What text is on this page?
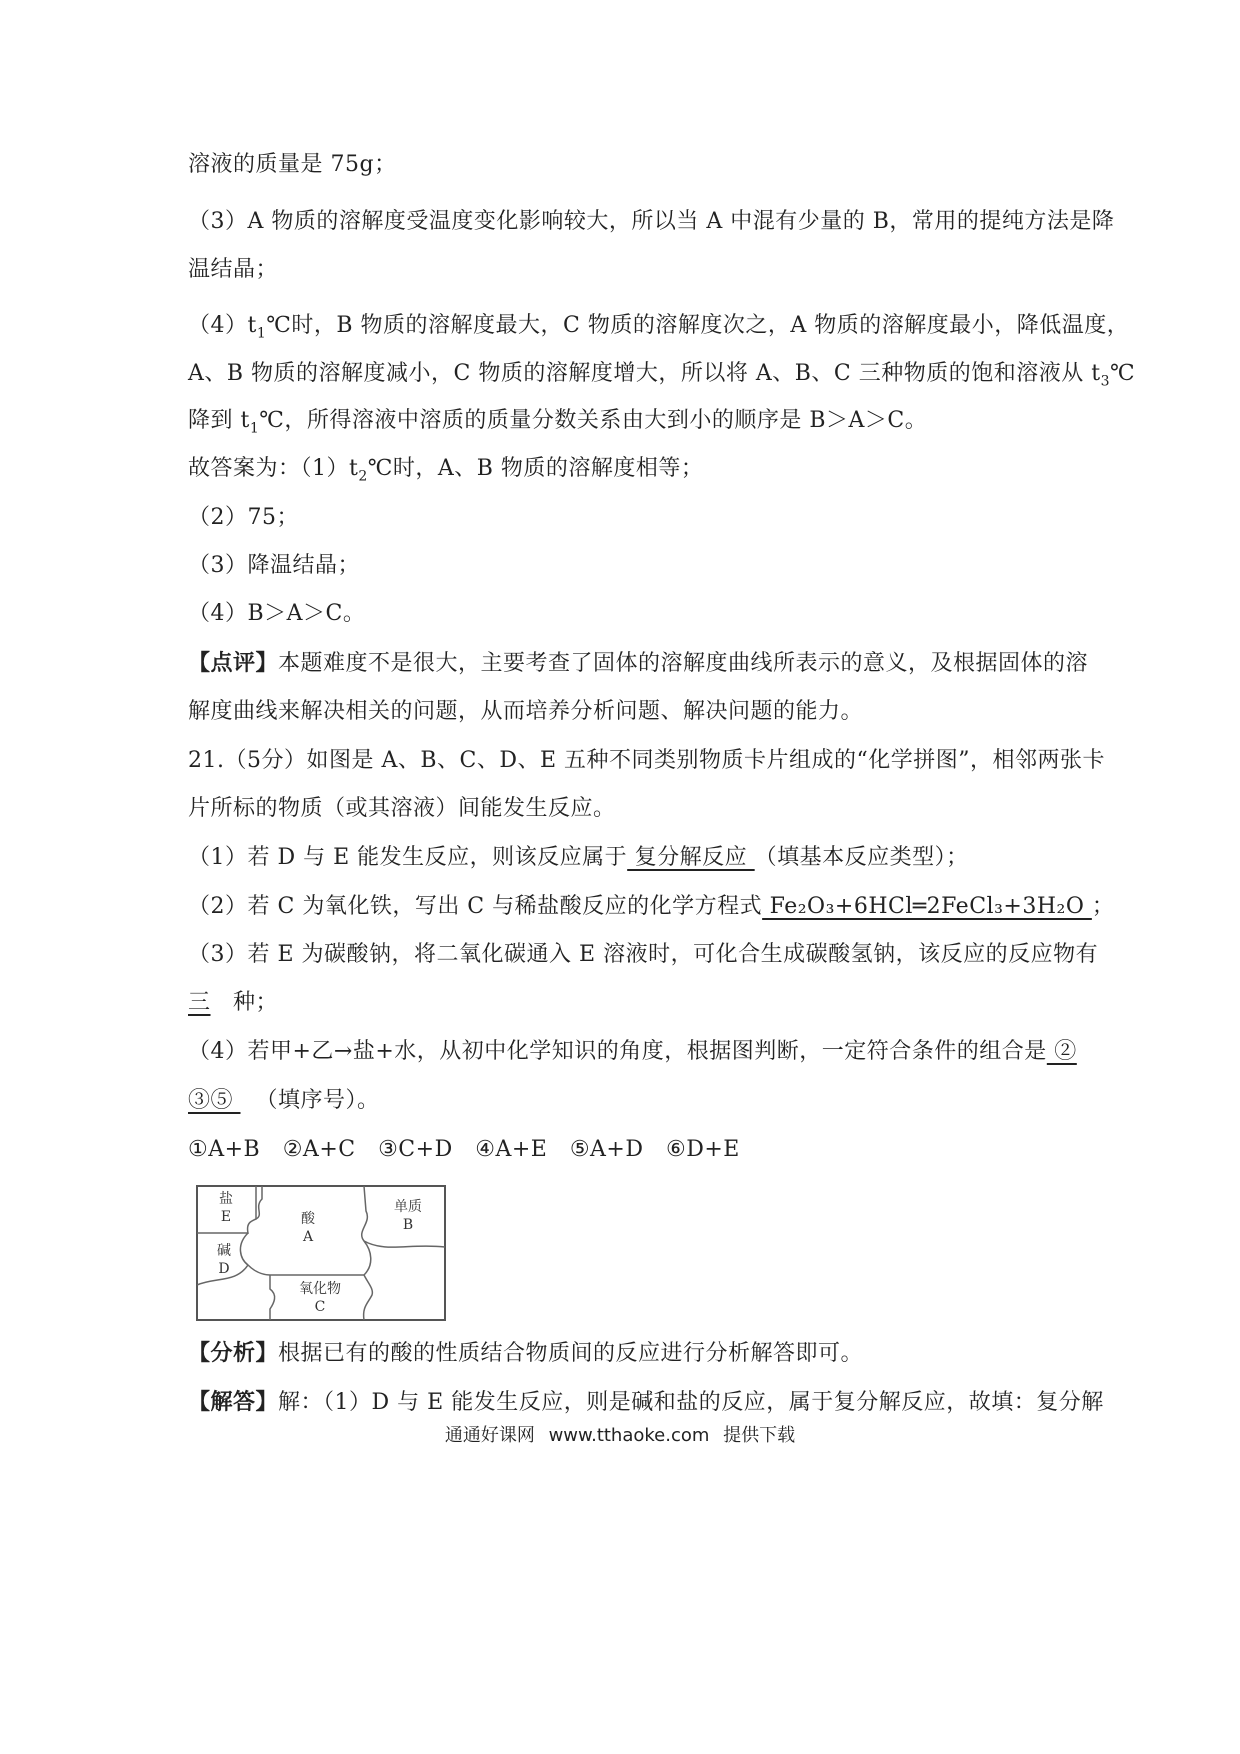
溶液的质量是 75g；
（3）A 物质的溶解度受温度变化影响较大，所以当 A 中混有少量的 B，常用的提纯方法是降
温结晶；
$(4)t_1℃$时，B 物质的溶解度最大，C 物质的溶解度次之，A 物质的溶解度最小，降低温度，
A、B 物质的溶解度减小，C 物质的溶解度增大，所以将 A、B、C 三种物质的饱和溶液从 $t_3℃$
降到 $t_1℃$，所得溶液中溶质的质量分数关系由大到小的顺序是 B＞A＞C。
故答案为：$(1)t_2℃$时，A、B 物质的溶解度相等；
（2）75；
（3）降温结晶；
（4）B＞A＞C。
【点评】本题难度不是很大，主要考查了固体的溶解度曲线所表示的意义，及根据固体的溶
解度曲线来解决相关的问题，从而培养分析问题、解决问题的能力。
21.（5分）如图是 A、B、C、D、E 五种不同类别物质卡片组成的“化学拼图”，相邻两张卡
片所标的物质（或其溶液）间能发生反应。
（1）若 D 与 E 能发生反应，则该反应属于 复分解反应 （填基本反应类型）；
（2）若 C 为氧化铁，写出 C 与稀盐酸反应的化学方程式 Fe₂O₃+6HCl═2FeCl₃+3H₂O ；
（3）若 E 为碳酸钠，将二氧化碳通入 E 溶液时，可化合生成碳酸氢钠，该反应的反应物有
三 种；
（4）若甲+乙→盐+水，从初中化学知识的角度，根据图判断，一定符合条件的组合是 ②
③⑤   （填序号）。
①A+B　②A+C　③C+D　④A+E　⑤A+D　⑥D+E
盐
E
碱
D
酸
A
单质
B
氧化物
C
【分析】根据已有的酸的性质结合物质间的反应进行分析解答即可。
【解答】解：（1）D 与 E 能发生反应，则是碱和盐的反应，属于复分解反应，故填：复分解
通通好课网 www.tthaoke.com 提供下载
